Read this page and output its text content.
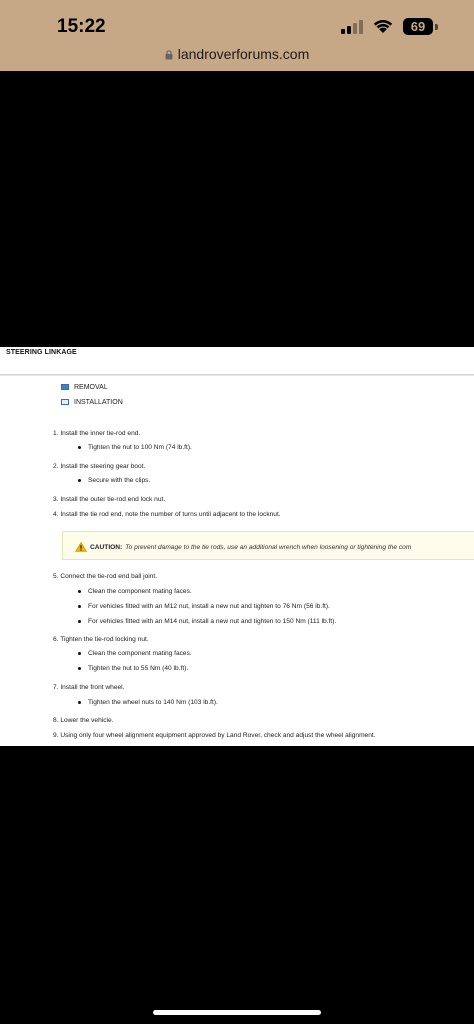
15:22	69
landroverforums.com
STEERING LINKAGE
REMOVAL
INSTALLATION
1. Install the inner tie-rod end.
Tighten the nut to 100 Nm (74 lb.ft).
2. Install the steering gear boot.
Secure with the clips.
3. Install the outer tie-rod end lock nut.
4. Install the tie rod end, note the number of turns until adjacent to the locknut.
CAUTION: To prevent damage to the tie rods, use an additional wrench when loosening or tightening the com
5. Connect the tie-rod end ball joint.
Clean the component mating faces.
For vehicles fitted with an M12 nut, install a new nut and tighten to 76 Nm (56 lb.ft).
For vehicles fitted with an M14 nut, install a new nut and tighten to 150 Nm (111 lb.ft).
6. Tighten the tie-rod locking nut.
Clean the component mating faces.
Tighten the nut to 55 Nm (40 lb.ft).
7. Install the front wheel.
Tighten the wheel nuts to 140 Nm (103 lb.ft).
8. Lower the vehicle.
9. Using only four wheel alignment equipment approved by Land Rover, check and adjust the wheel alignment.
